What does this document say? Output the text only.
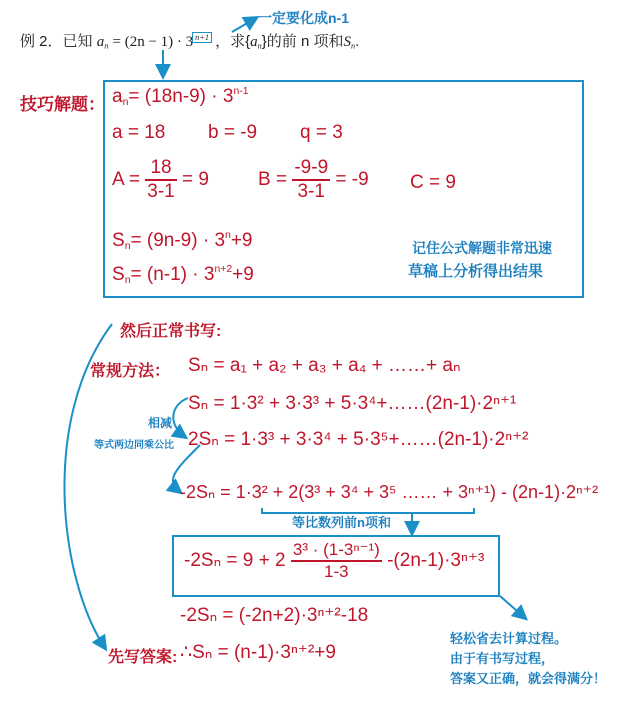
例 2．已知 $a_n = (2n - 1) \cdot 3$ $^{n+1}$ ，求$\{a_n\}$的前 n 项和$S_n$.
一定要化成n-1
技巧解题： $a_n= (18n-9) \cdot 3^{n-1}$
a = 18 b = -9 q = 3
$A = \frac{18}{3-1} = 9$	$B = \frac{-9-9}{3-1} = -9$ C = 9
$S_n= (9n-9) \cdot 3^n+9$
$S_n= (n-1) \cdot 3^{n+2}+9$
记住公式解题非常迅速
草稿上分析得出结果
然后正常书写:
常规方法： Sₙ = a₁ + a₂ + a₃ + a₄ + ……+ aₙ
Sₙ = 1·3² + 3·3³ + 5·3⁴+……(2n-1)·2ⁿ⁺¹
相减
等式两边同乘公比 2Sₙ = 1·3³ + 3·3⁴ + 5·3⁵+……(2n-1)·2ⁿ⁺²
-2Sₙ = 1·3² + 2(3³ + 3⁴ + 3⁵ …… + 3ⁿ⁺¹) - (2n-1)·2ⁿ⁺²
等比数列前n项和
$-2S_n = 9 + 2 \frac{\text{3³ · (1-3ⁿ⁻¹)}}{1-3} -(2n-1)\cdot 3^{n+3}$
-2Sₙ = (-2n+2)·3ⁿ⁺²-18
先写答案: ∴Sₙ = (n-1)·3ⁿ⁺²+9
轻松省去计算过程。
由于有书写过程，
答案又正确，就会得满分！
